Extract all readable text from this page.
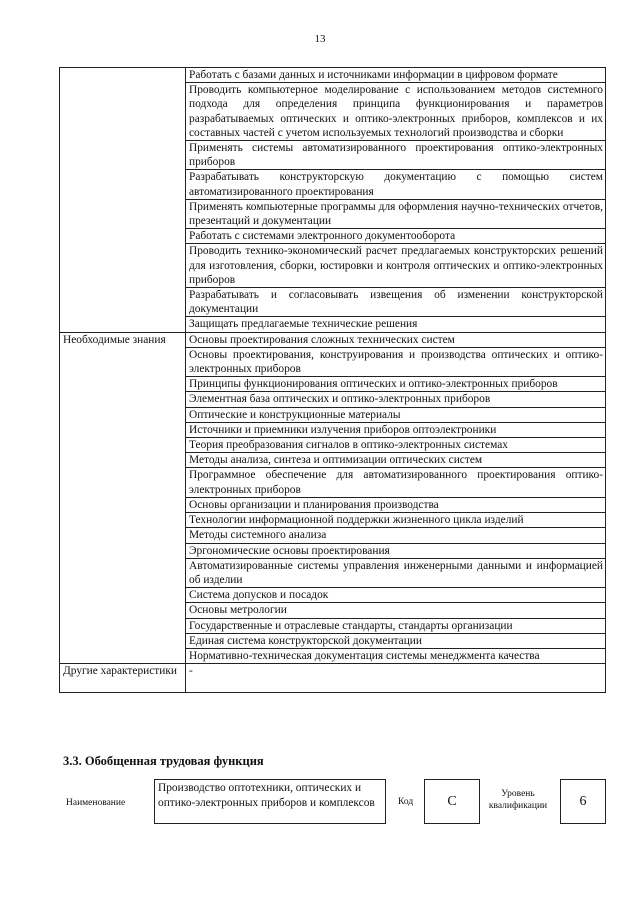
13
	Работать с базами данных и источниками информации в цифровом формате
	Проводить компьютерное моделирование с использованием методов системного подхода для определения принципа функционирования и параметров разрабатываемых оптических и оптико-электронных приборов, комплексов и их составных частей с учетом используемых технологий производства и сборки
	Применять системы автоматизированного проектирования оптико-электронных приборов
	Разрабатывать конструкторскую документацию с помощью систем автоматизированного проектирования
	Применять компьютерные программы для оформления научно-технических отчетов, презентаций и документации
	Работать с системами электронного документооборота
	Проводить технико-экономический расчет предлагаемых конструкторских решений для изготовления, сборки, юстировки и контроля оптических и оптико-электронных приборов
	Разрабатывать и согласовывать извещения об изменении конструкторской документации
	Защищать предлагаемые технические решения
Необходимые знания	Основы проектирования сложных технических систем
	Основы проектирования, конструирования и производства оптических и оптико-электронных приборов
	Принципы функционирования оптических и оптико-электронных приборов
	Элементная база оптических и оптико-электронных приборов
	Оптические и конструкционные материалы
	Источники и приемники излучения приборов оптоэлектроники
	Теория преобразования сигналов в оптико-электронных системах
	Методы анализа, синтеза и оптимизации оптических систем
	Программное обеспечение для автоматизированного проектирования оптико-электронных приборов
	Основы организации и планирования производства
	Технологии информационной поддержки жизненного цикла изделий
	Методы системного анализа
	Эргономические основы проектирования
	Автоматизированные системы управления инженерными данными и информацией об изделии
	Система допусков и посадок
	Основы метрологии
	Государственные и отраслевые стандарты, стандарты организации
	Единая система конструкторской документации
	Нормативно-техническая документация системы менеджмента качества
Другие характеристики	-
3.3. Обобщенная трудовая функция
Наименование
Производство оптотехники, оптических и оптико-электронных приборов и комплексов	Код	C	Уровень квалификации	6
